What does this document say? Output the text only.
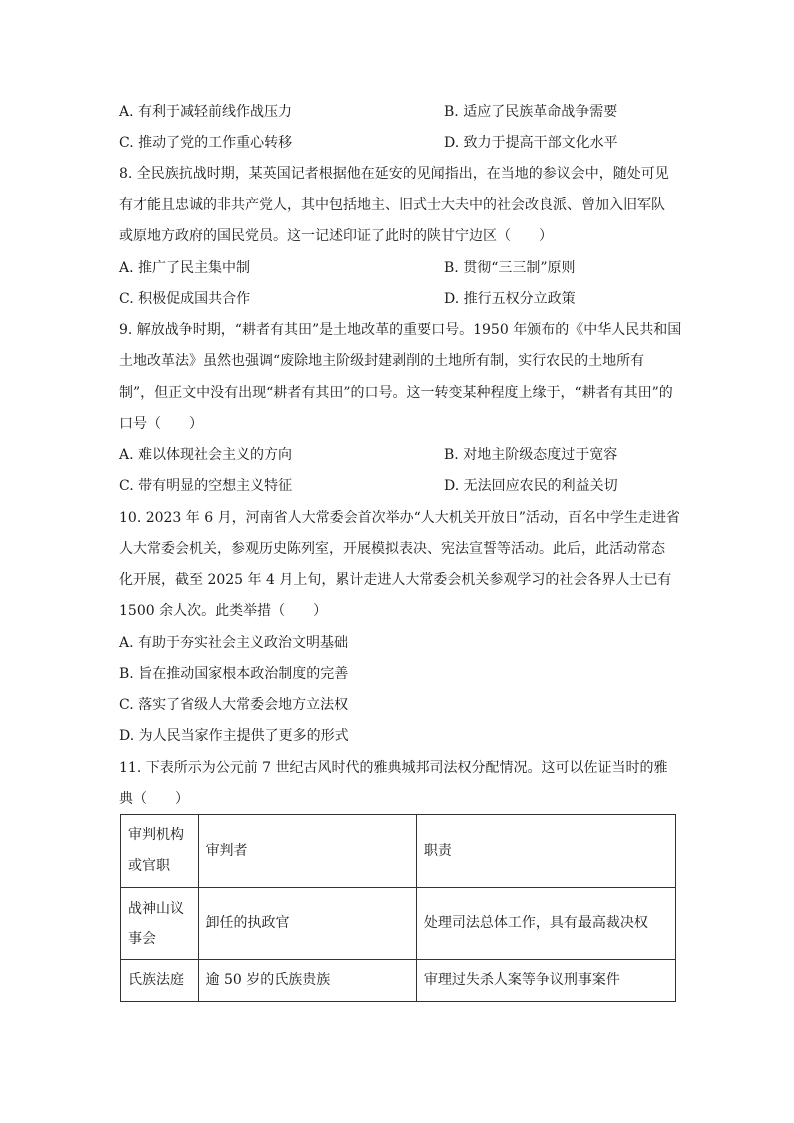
A. 有利于减轻前线作战压力	B. 适应了民族革命战争需要
C. 推动了党的工作重心转移	D. 致力于提高干部文化水平
8. 全民族抗战时期，某英国记者根据他在延安的见闻指出，在当地的参议会中，随处可见
有才能且忠诚的非共产党人，其中包括地主、旧式士大夫中的社会改良派、曾加入旧军队
或原地方政府的国民党员。这一记述印证了此时的陕甘宁边区（　　）
A. 推广了民主集中制	B. 贯彻“三三制”原则
C. 积极促成国共合作	D. 推行五权分立政策
9. 解放战争时期，“耕者有其田”是土地改革的重要口号。1950 年颁布的《中华人民共和国
土地改革法》虽然也强调“废除地主阶级封建剥削的土地所有制，实行农民的土地所有
制”，但正文中没有出现“耕者有其田”的口号。这一转变某种程度上缘于，“耕者有其田”的
口号（　　）
A. 难以体现社会主义的方向	B. 对地主阶级态度过于宽容
C. 带有明显的空想主义特征	D. 无法回应农民的利益关切
10. 2023 年 6 月，河南省人大常委会首次举办“人大机关开放日”活动，百名中学生走进省
人大常委会机关，参观历史陈列室，开展模拟表决、宪法宣誓等活动。此后，此活动常态
化开展，截至 2025 年 4 月上旬，累计走进人大常委会机关参观学习的社会各界人士已有
1500 余人次。此类举措（　　）
A. 有助于夯实社会主义政治文明基础
B. 旨在推动国家根本政治制度的完善
C. 落实了省级人大常委会地方立法权
D. 为人民当家作主提供了更多的形式
11. 下表所示为公元前 7 世纪古风时代的雅典城邦司法权分配情况。这可以佐证当时的雅
典（　　）
审判机构
或官职	审判者	职责
战神山议
事会	卸任的执政官	处理司法总体工作，具有最高裁决权
氏族法庭	逾 50 岁的氏族贵族	审理过失杀人案等争议刑事案件
